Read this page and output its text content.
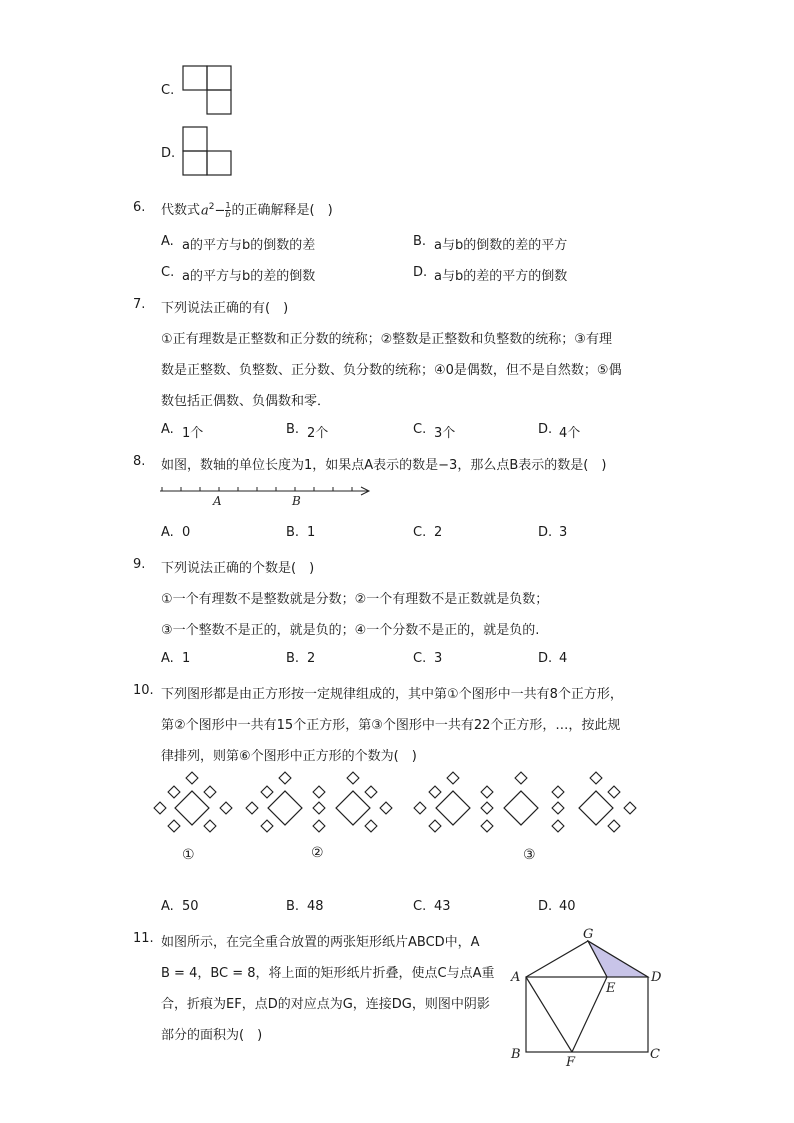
C.
D.
6. 代数式$a^2- \frac{1}{b}$ 的正确解释是( )
A. a的平方与b的倒数的差	B. a与b的倒数的差的平方
C. a的平方与b的差的倒数	D. a与b的差的平方的倒数
7. 下列说法正确的有( )
①正有理数是正整数和正分数的统称；②整数是正整数和负整数的统称；③有理
数是正整数、负整数、正分数、负分数的统称；④0是偶数，但不是自然数；⑤偶
数包括正偶数、负偶数和零．
A. 1个	B. 2个	C. 3个	D. 4个
8. 如图，数轴的单位长度为1，如果点A表示的数是−3，那么点B表示的数是( )
A	B
A. 0	B. 1	C. 2	D. 3
9. 下列说法正确的个数是( )
①一个有理数不是整数就是分数；②一个有理数不是正数就是负数；
③一个整数不是正的，就是负的；④一个分数不是正的，就是负的.
A. 1	B. 2	C. 3	D. 4
10. 下列图形都是由正方形按一定规律组成的，其中第①个图形中一共有8个正方形，
第②个图形中一共有15个正方形，第③个图形中一共有22个正方形，…，按此规
律排列，则第⑥个图形中正方形的个数为( )
①	②	③
A. 50	B. 48	C. 43	D. 40
11. 如图所示，在完全重合放置的两张矩形纸片ABCD中，A
B = 4，BC = 8，将上面的矩形纸片折叠，使点C与点A重
合，折痕为EF，点D的对应点为G，连接DG，则图中阴影
部分的面积为( )
G
A
E
D
B
F
C
